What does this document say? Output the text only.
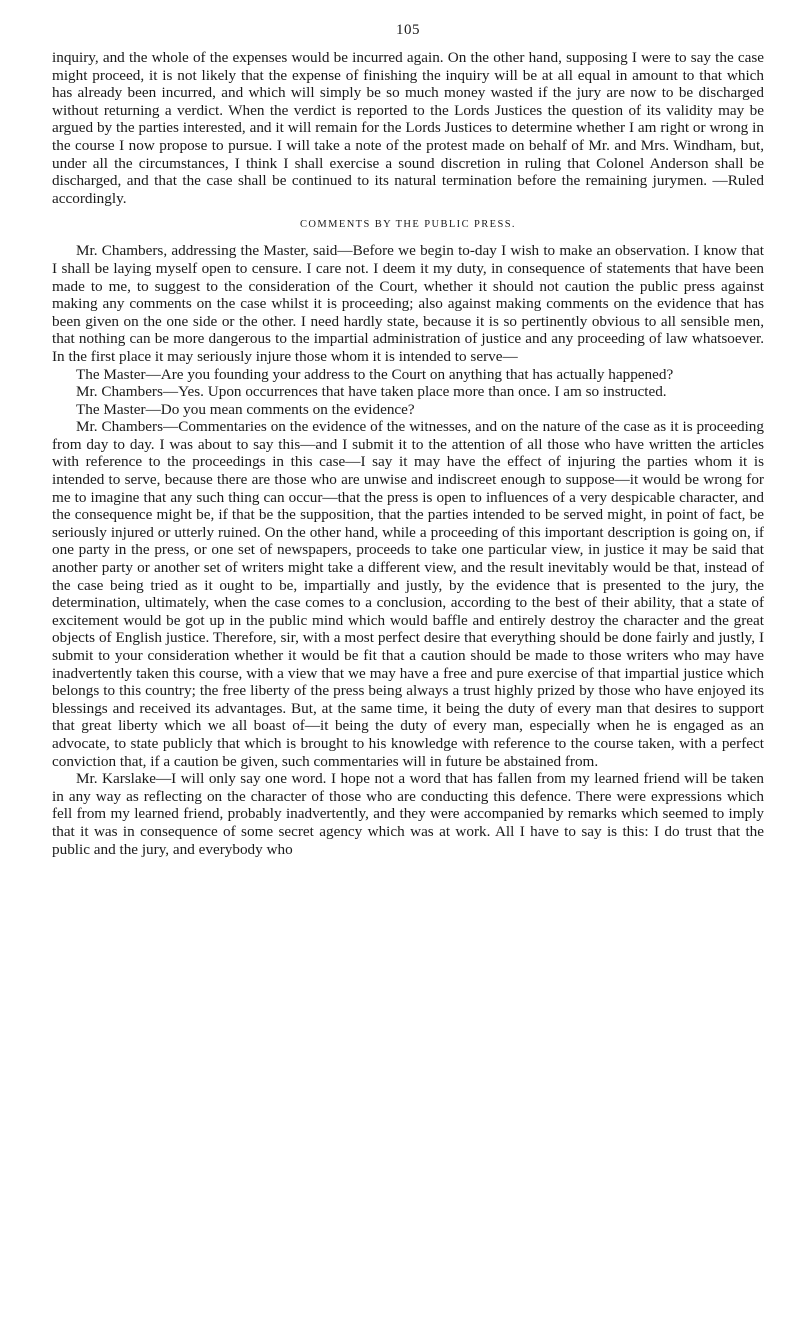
105

inquiry, and the whole of the expenses would be incurred again. On the other hand, supposing I were to say the case might proceed, it is not likely that the expense of finishing the inquiry will be at all equal in amount to that which has already been incurred, and which will simply be so much money wasted if the jury are now to be discharged without returning a verdict. When the verdict is reported to the Lords Justices the question of its validity may be argued by the parties interested, and it will remain for the Lords Justices to determine whether I am right or wrong in the course I now propose to pursue. I will take a note of the protest made on behalf of Mr. and Mrs. Windham, but, under all the circumstances, I think I shall exercise a sound discretion in ruling that Colonel Anderson shall be discharged, and that the case shall be continued to its natural termination before the remaining jurymen. —Ruled accordingly.

COMMENTS BY THE PUBLIC PRESS.

Mr. Chambers, addressing the Master, said—Before we begin to-day I wish to make an observation. I know that I shall be laying myself open to censure. I care not. I deem it my duty, in consequence of statements that have been made to me, to suggest to the consideration of the Court, whether it should not caution the public press against making any comments on the case whilst it is proceeding; also against making comments on the evidence that has been given on the one side or the other. I need hardly state, because it is so pertinently obvious to all sensible men, that nothing can be more dangerous to the impartial administration of justice and any proceeding of law whatsoever. In the first place it may seriously injure those whom it is intended to serve—

The Master—Are you founding your address to the Court on anything that has actually happened?

Mr. Chambers—Yes. Upon occurrences that have taken place more than once. I am so instructed.

The Master—Do you mean comments on the evidence?

Mr. Chambers—Commentaries on the evidence of the witnesses, and on the nature of the case as it is proceeding from day to day. I was about to say this—and I submit it to the attention of all those who have written the articles with reference to the proceedings in this case—I say it may have the effect of injuring the parties whom it is intended to serve, because there are those who are unwise and indiscreet enough to suppose—it would be wrong for me to imagine that any such thing can occur—that the press is open to influences of a very despicable character, and the consequence might be, if that be the supposition, that the parties intended to be served might, in point of fact, be seriously injured or utterly ruined. On the other hand, while a proceeding of this important description is going on, if one party in the press, or one set of newspapers, proceeds to take one particular view, in justice it may be said that another party or another set of writers might take a different view, and the result inevitably would be that, instead of the case being tried as it ought to be, impartially and justly, by the evidence that is presented to the jury, the determination, ultimately, when the case comes to a conclusion, according to the best of their ability, that a state of excitement would be got up in the public mind which would baffle and entirely destroy the character and the great objects of English justice. Therefore, sir, with a most perfect desire that everything should be done fairly and justly, I submit to your consideration whether it would be fit that a caution should be made to those writers who may have inadvertently taken this course, with a view that we may have a free and pure exercise of that impartial justice which belongs to this country; the free liberty of the press being always a trust highly prized by those who have enjoyed its blessings and received its advantages. But, at the same time, it being the duty of every man that desires to support that great liberty which we all boast of—it being the duty of every man, especially when he is engaged as an advocate, to state publicly that which is brought to his knowledge with reference to the course taken, with a perfect conviction that, if a caution be given, such commentaries will in future be abstained from.

Mr. Karslake—I will only say one word. I hope not a word that has fallen from my learned friend will be taken in any way as reflecting on the character of those who are conducting this defence. There were expressions which fell from my learned friend, probably inadvertently, and they were accompanied by remarks which seemed to imply that it was in consequence of some secret agency which was at work. All I have to say is this: I do trust that the public and the jury, and everybody who
